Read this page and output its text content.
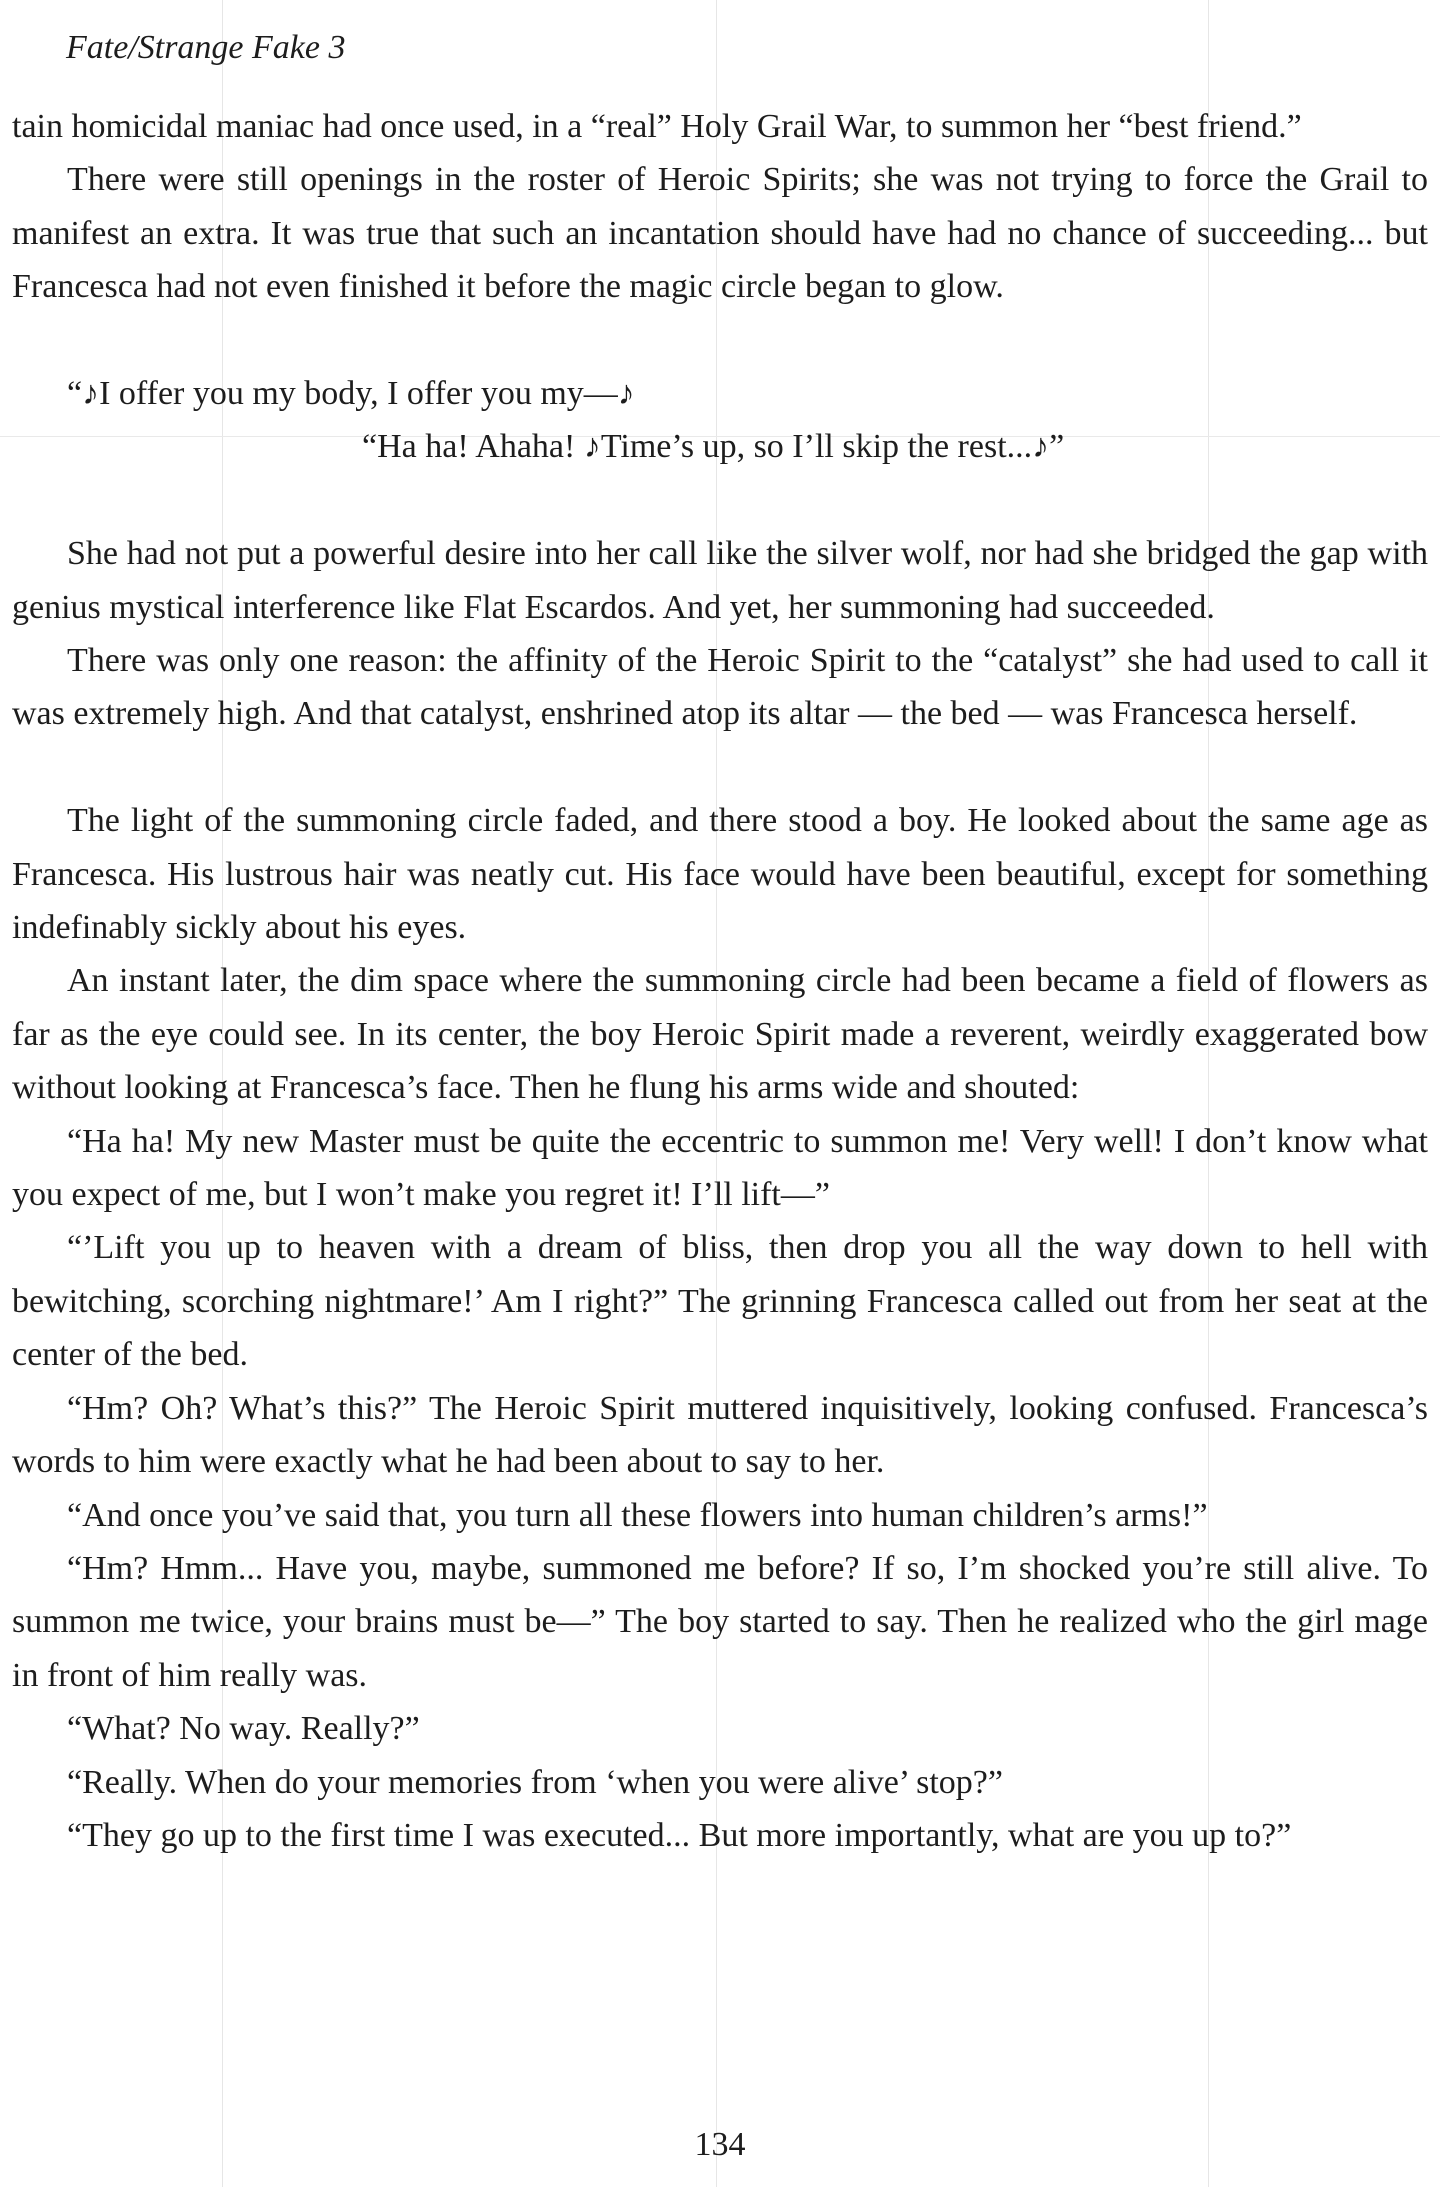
Fate/Strange Fake 3

tain homicidal maniac had once used, in a “real” Holy Grail War, to summon her “best friend.”

There were still openings in the roster of Heroic Spirits; she was not trying to force the Grail to manifest an extra. It was true that such an incantation should have had no chance of succeeding... but Francesca had not even finished it before the magic circle began to glow.

“♪I offer you my body, I offer you my—♪

“Ha ha! Ahaha! ♪Time’s up, so I’ll skip the rest...♪”

She had not put a powerful desire into her call like the silver wolf, nor had she bridged the gap with genius mystical interference like Flat Escardos. And yet, her summoning had succeeded.

There was only one reason: the affinity of the Heroic Spirit to the “catalyst” she had used to call it was extremely high. And that catalyst, enshrined atop its altar — the bed — was Francesca herself.

The light of the summoning circle faded, and there stood a boy. He looked about the same age as Francesca. His lustrous hair was neatly cut. His face would have been beautiful, except for something indefinably sickly about his eyes.

An instant later, the dim space where the summoning circle had been became a field of flowers as far as the eye could see. In its center, the boy Heroic Spirit made a reverent, weirdly exaggerated bow without looking at Francesca’s face. Then he flung his arms wide and shouted:

“Ha ha! My new Master must be quite the eccentric to summon me! Very well! I don’t know what you expect of me, but I won’t make you regret it! I’ll lift—”

“’Lift you up to heaven with a dream of bliss, then drop you all the way down to hell with bewitching, scorching nightmare!’ Am I right?” The grinning Francesca called out from her seat at the center of the bed.

“Hm? Oh? What’s this?” The Heroic Spirit muttered inquisitively, looking confused. Francesca’s words to him were exactly what he had been about to say to her.

“And once you’ve said that, you turn all these flowers into human children’s arms!”

“Hm? Hmm... Have you, maybe, summoned me before? If so, I’m shocked you’re still alive. To summon me twice, your brains must be—” The boy started to say. Then he realized who the girl mage in front of him really was.

“What? No way. Really?”

“Really. When do your memories from ‘when you were alive’ stop?”

“They go up to the first time I was executed... But more importantly, what are you up to?”

134
